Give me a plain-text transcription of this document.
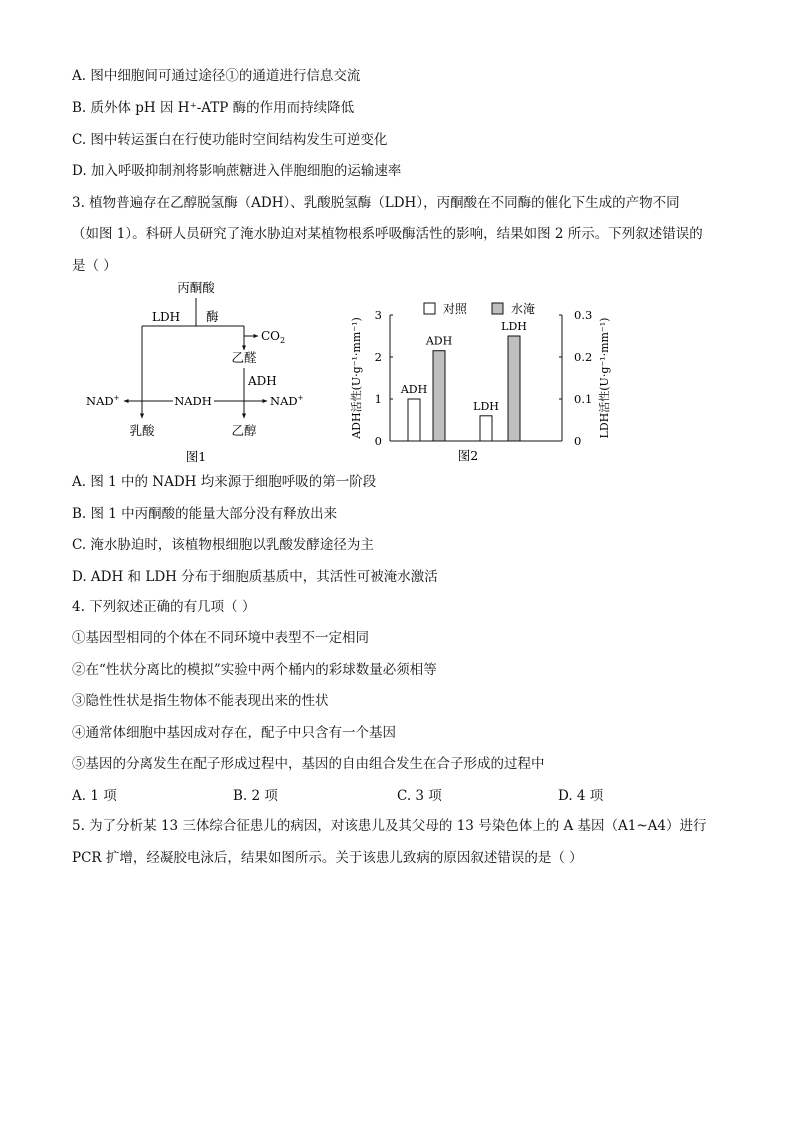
A. 图中细胞间可通过途径①的通道进行信息交流
B. 质外体 pH 因 H⁺-ATP 酶的作用而持续降低
C. 图中转运蛋白在行使功能时空间结构发生可逆变化
D. 加入呼吸抑制剂将影响蔗糖进入伴胞细胞的运输速率
3. 植物普遍存在乙醇脱氢酶（ADH）、乳酸脱氢酶（LDH），丙酮酸在不同酶的催化下生成的产物不同
（如图 1）。科研人员研究了淹水胁迫对某植物根系呼吸酶活性的影响，结果如图 2 所示。下列叙述错误的
是（ ）
丙酮酸
LDH 酶
$CO_2$
乙醛
ADH
NAD+	NADH	NAD+
乳酸	乙醇
图1
0
1
2
3
0
0.1
0.2
0.3
ADH活性(U·g⁻¹·mm⁻¹)	LDH活性(U·g⁻¹·mm⁻¹)
对照	水淹
ADH
ADH
LDH
LDH
图2
A. 图 1 中的 NADH 均来源于细胞呼吸的第一阶段
B. 图 1 中丙酮酸的能量大部分没有释放出来
C. 淹水胁迫时，该植物根细胞以乳酸发酵途径为主
D. ADH 和 LDH 分布于细胞质基质中，其活性可被淹水激活
4. 下列叙述正确的有几项（ ）
①基因型相同的个体在不同环境中表型不一定相同
②在“性状分离比的模拟”实验中两个桶内的彩球数量必须相等
③隐性性状是指生物体不能表现出来的性状
④通常体细胞中基因成对存在，配子中只含有一个基因
⑤基因的分离发生在配子形成过程中，基因的自由组合发生在合子形成的过程中
A. 1 项	B. 2 项	C. 3 项	D. 4 项
5. 为了分析某 13 三体综合征患儿的病因，对该患儿及其父母的 13 号染色体上的 A 基因（A1~A4）进行
PCR 扩增，经凝胶电泳后，结果如图所示。关于该患儿致病的原因叙述错误的是（ ）
